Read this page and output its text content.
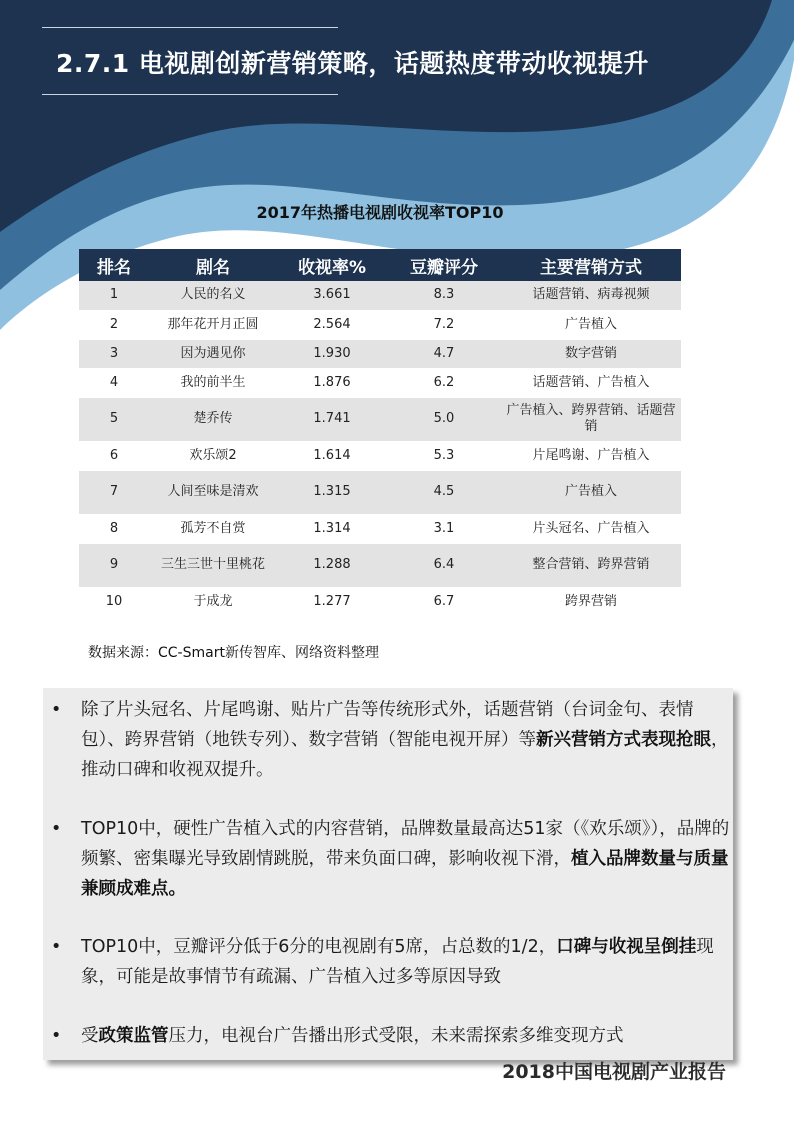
2.7.1 电视剧创新营销策略，话题热度带动收视提升
2017年热播电视剧收视率TOP10
排名	剧名	收视率%	豆瓣评分	主要营销方式
1	人民的名义	3.661	8.3	话题营销、病毒视频
2	那年花开月正圆	2.564	7.2	广告植入
3	因为遇见你	1.930	4.7	数字营销
4	我的前半生	1.876	6.2	话题营销、广告植入
5	楚乔传	1.741	5.0	广告植入、跨界营销、话题营销
6	欢乐颂2	1.614	5.3	片尾鸣谢、广告植入
7	人间至味是清欢	1.315	4.5	广告植入
8	孤芳不自赏	1.314	3.1	片头冠名、广告植入
9	三生三世十里桃花	1.288	6.4	整合营销、跨界营销
10	于成龙	1.277	6.7	跨界营销
数据来源：CC-Smart新传智库、网络资料整理
• 除了片头冠名、片尾鸣谢、贴片广告等传统形式外，话题营销（台词金句、表情包）、跨界营销（地铁专列）、数字营销（智能电视开屏）等新兴营销方式表现抢眼，推动口碑和收视双提升。
• TOP10中，硬性广告植入式的内容营销，品牌数量最高达51家（《欢乐颂》），品牌的频繁、密集曝光导致剧情跳脱，带来负面口碑，影响收视下滑，植入品牌数量与质量兼顾成难点。
• TOP10中，豆瓣评分低于6分的电视剧有5席，占总数的1/2，口碑与收视呈倒挂现象，可能是故事情节有疏漏、广告植入过多等原因导致
• 受政策监管压力，电视台广告播出形式受限，未来需探索多维变现方式
2018中国电视剧产业报告
